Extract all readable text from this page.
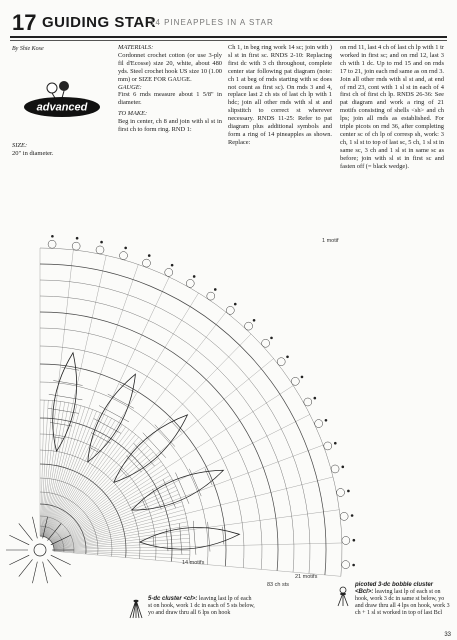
17 GUIDING STAR
14 PINEAPPLES IN A STAR
By Shie Kose
advanced
SIZE:
20" in diameter.

MATERIALS:

Cordonnet crochet cotton (or use 3-ply fil d'Ecosse) size 20, white, about 480 yds. Steel crochet hook US size 10 (1.00 mm) or SIZE FOR GAUGE.

GAUGE:

First 6 rnds measure about 1 5/8" in diameter.

TO MAKE:

Beg in center, ch 8 and join with sl st in first ch to form ring. RND 1:

Ch 1, in beg ring work 14 sc; join with ) sl st in first sc. RNDS 2-10: Replacing first dc with 3 ch throughout, complete center star following pat diagram (note: ch 1 at beg of rnds starting with sc does not count as first sc). On rnds 3 and 4, replace last 2 ch sts of last ch lp with 1 hdc; join all other rnds with sl st and slipstitch to correct st wherever necessary. RNDS 11-25: Refer to pat diagram plus additional symbols and form a ring of 14 pineapples as shown. Replace:

on rnd 11, last 4 ch of last ch lp with 1 tr worked in first sc; and on rnd 12, last 3 ch with 1 dc. Up to rnd 15 and on rnds 17 to 21, join each rnd same as on rnd 3. Join all other rnds with sl st and, at end of rnd 23, cont with 1 sl st in each of 4 first ch of first ch lp. RNDS 26-36: See pat diagram and work a ring of 21 motifs consisting of shells <sh> and ch lps; join all rnds as established. For triple picots on rnd 36, after completing center sc of ch lp of corresp sh, work: 3 ch, 1 sl st to top of last sc, 5 ch, 1 sl st in same sc, 3 ch and 1 sl st in same sc as before; join with sl st in first sc and fasten off (= black wedge).

1 motif
14 motifs
21 motifs
83 ch sts
5-dc cluster <cl>: leaving last lp of each st on hook, work 1 dc in each of 5 sts below, yo and draw thru all 6 lps on hook
picoted 3-dc bobble cluster <Bcl>: leaving last lp of each st on hook, work 3 dc in same st below, yo and draw thru all 4 lps on hook, work 3 ch + 1 sl st worked in top of last Bcl
33
